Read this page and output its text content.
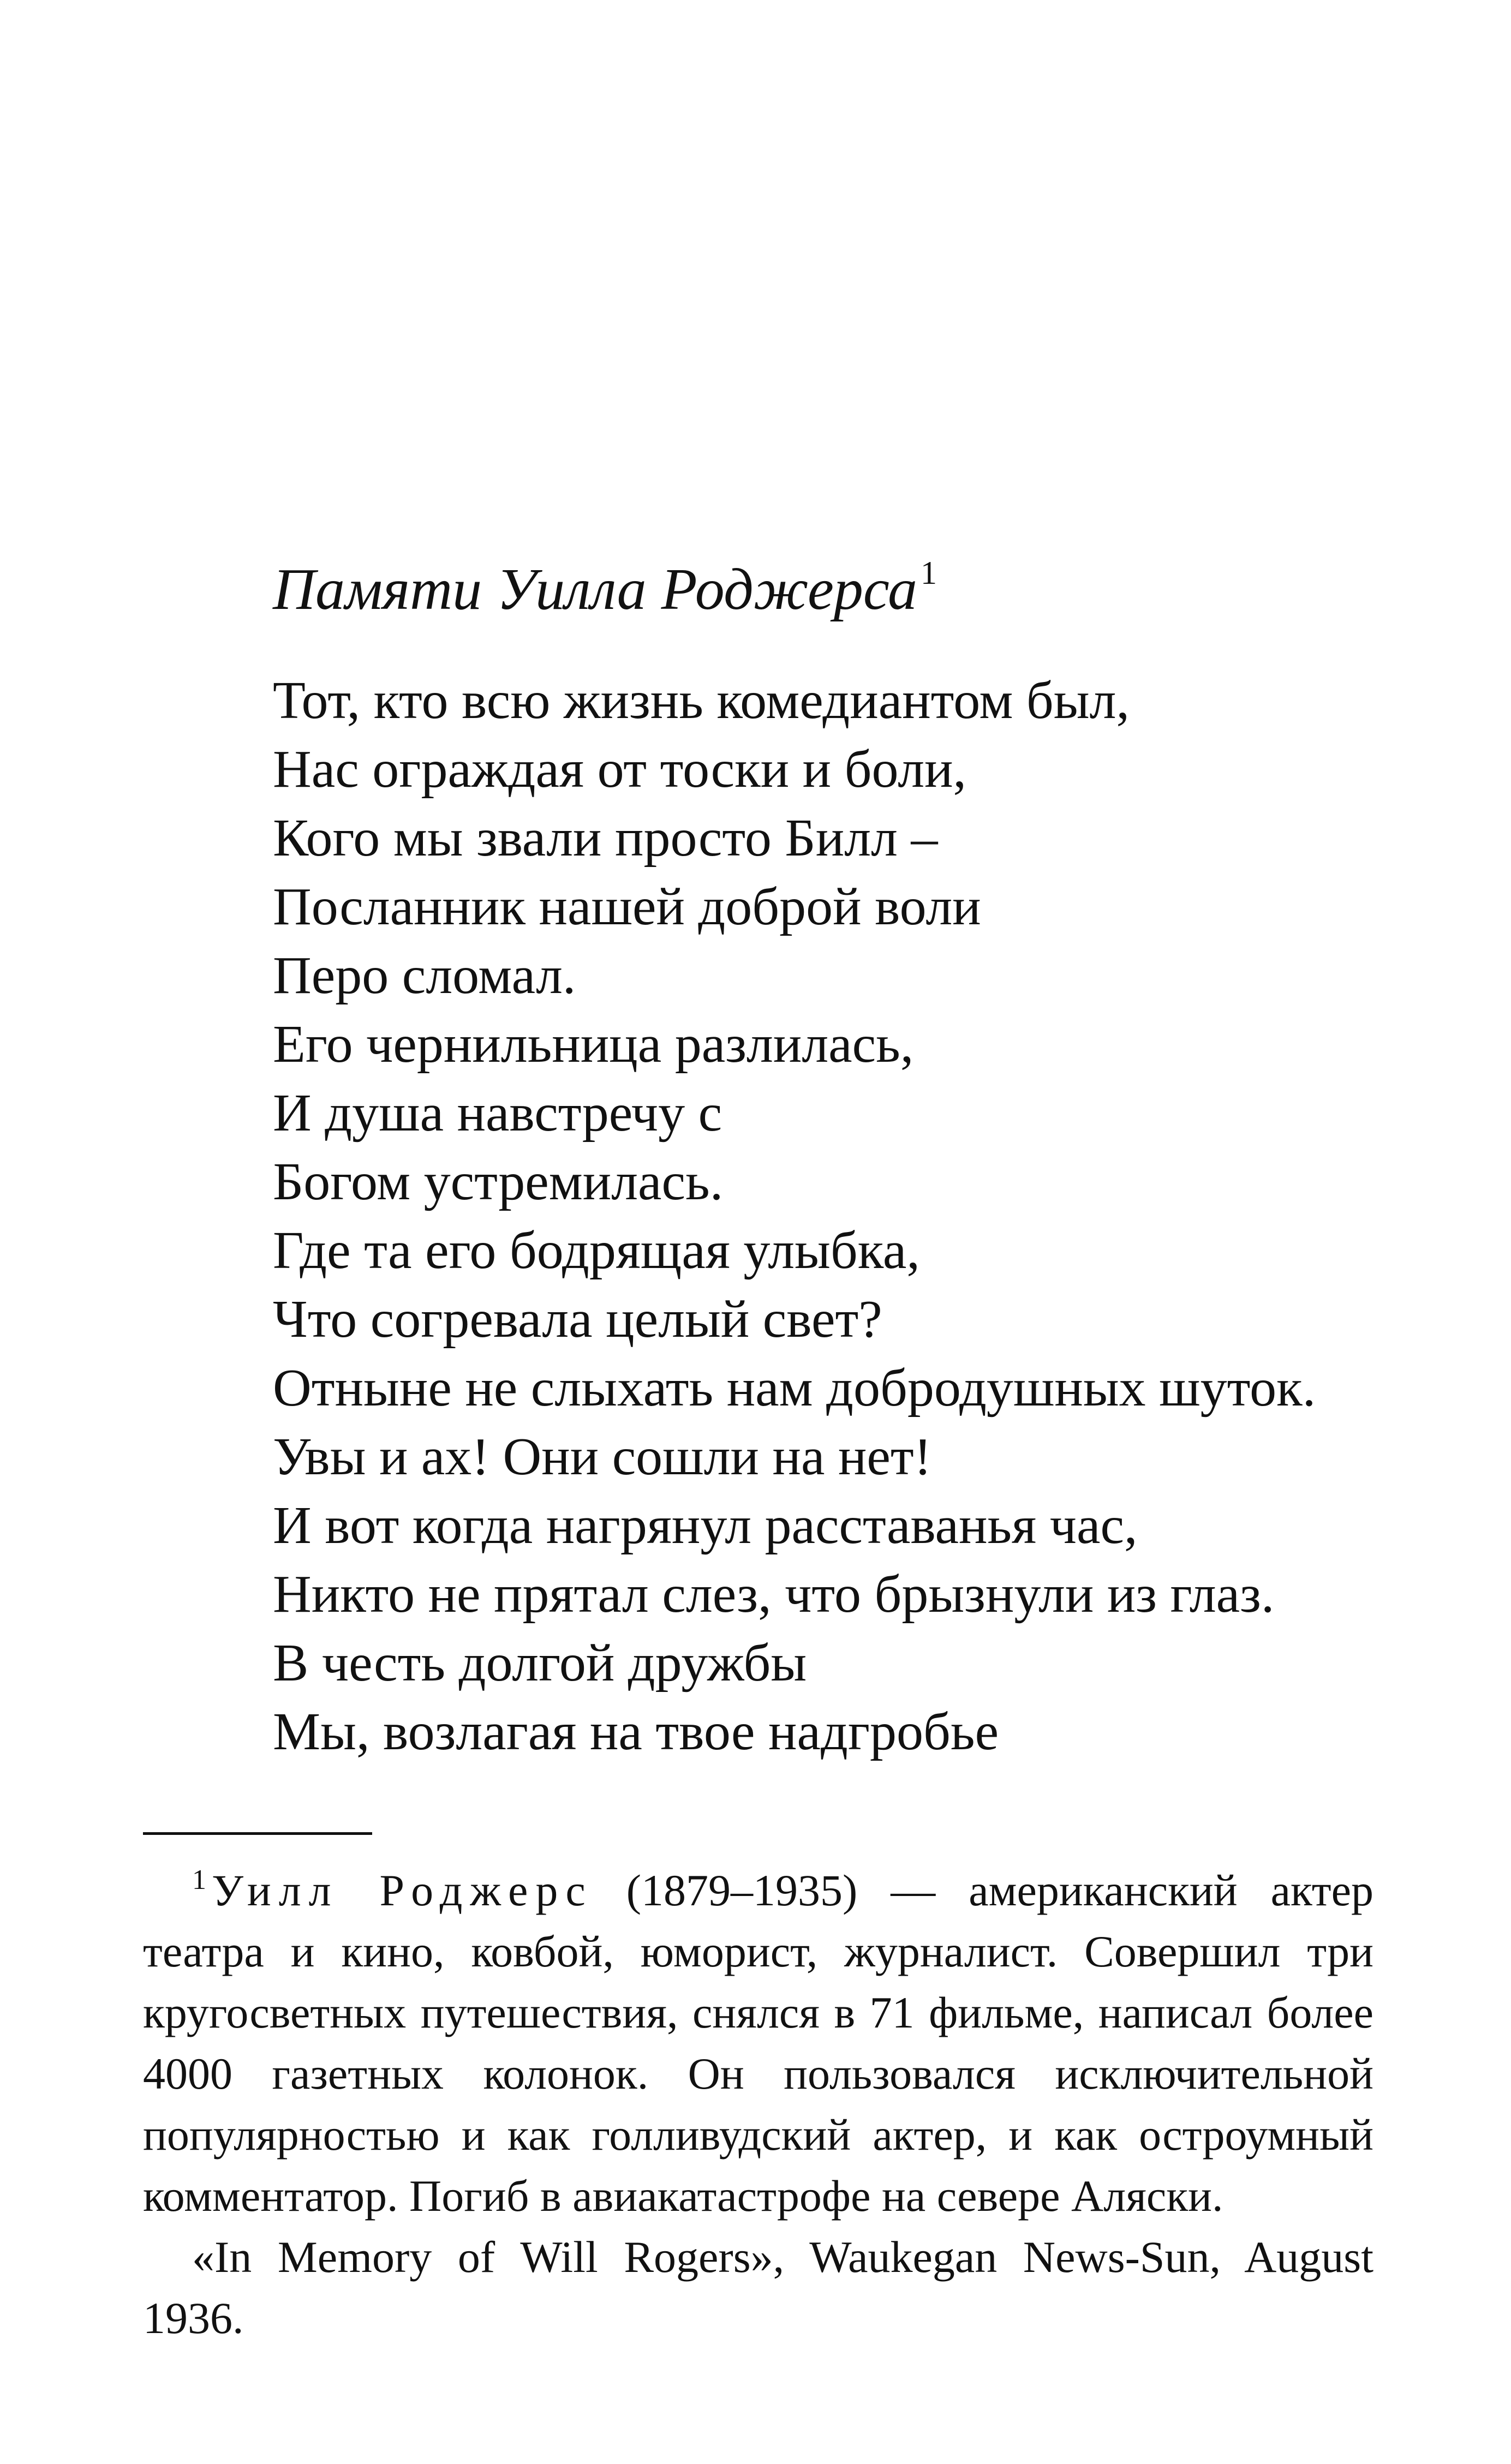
Памяти Уилла Роджерса $^1$
Тот, кто всю жизнь комедиантом был,
Нас ограждая от тоски и боли,
Кого мы звали просто Билл –
Посланник нашей доброй воли
Перо сломал.
Его чернильница разлилась,
И душа навстречу с
Богом устремилась.
Где та его бодрящая улыбка,
Что согревала целый свет?
Отныне не слыхать нам добродушных шуток.
Увы и ах! Они сошли на нет!
И вот когда нагрянул расставанья час,
Никто не прятал слез, что брызнули из глаз.
В честь долгой дружбы
Мы, возлагая на твое надгробье

$^1$ Уилл Роджерс (1879–1935) — американский актер театра и кино, ковбой, юморист, журналист. Совершил три кругосветных путешествия, снялся в 71 фильме, написал более 4000 газетных колонок. Он пользовался исключительной популярностью и как голливудский актер, и как остроумный комментатор. Погиб в авиакатастрофе на севере Аляски.

«In Memory of Will Rogers», Waukegan News-Sun, August 1936.
